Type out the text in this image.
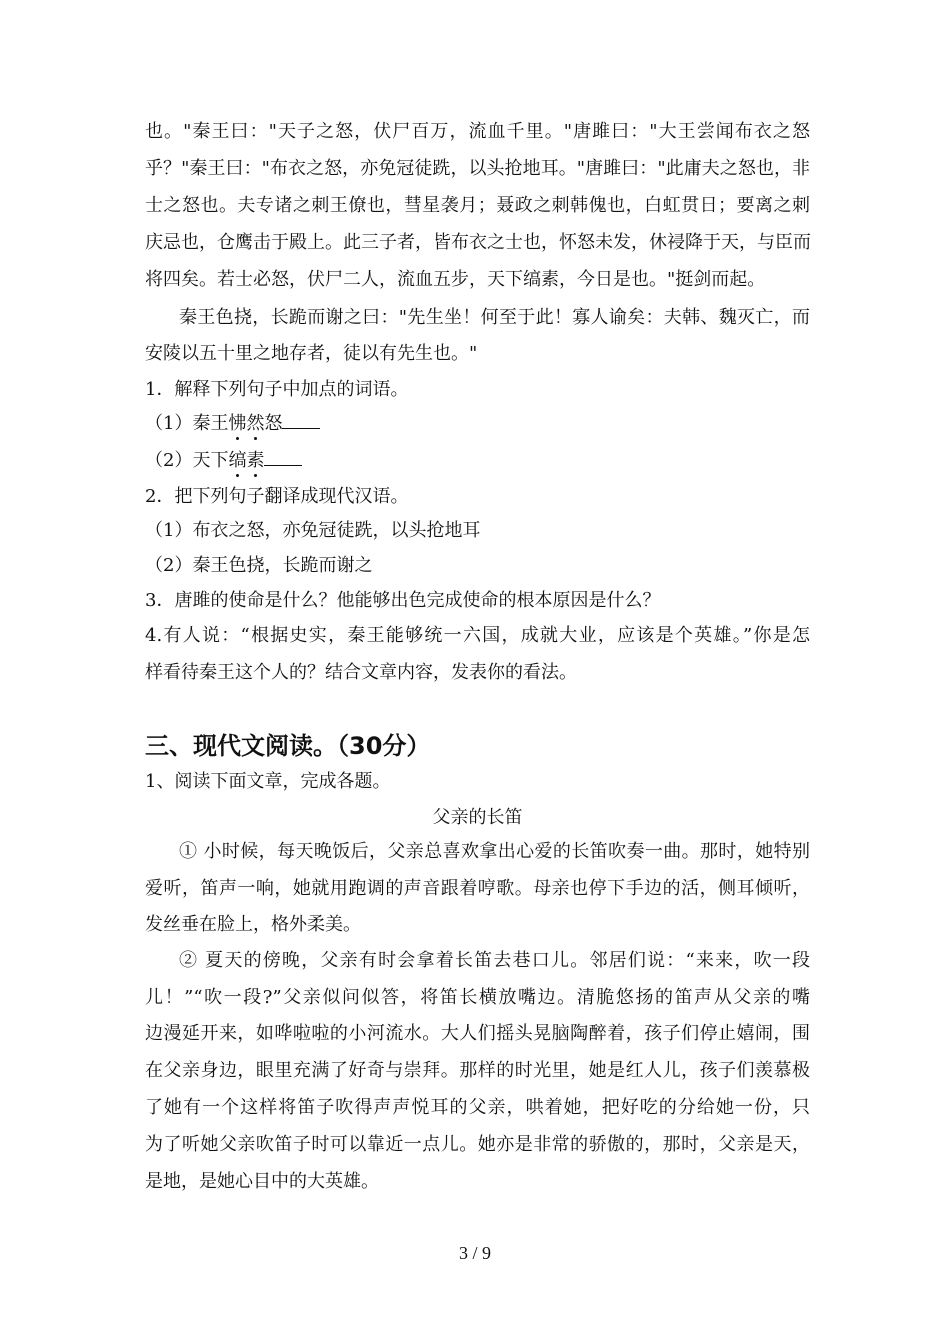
也。"秦王曰："天子之怒，伏尸百万，流血千里。"唐雎曰："大王尝闻布衣之怒
乎？"秦王曰："布衣之怒，亦免冠徒跣，以头抢地耳。"唐雎曰："此庸夫之怒也，非
士之怒也。夫专诸之刺王僚也，彗星袭月；聂政之刺韩傀也，白虹贯日；要离之刺
庆忌也，仓鹰击于殿上。此三子者，皆布衣之士也，怀怒未发，休祲降于天，与臣而
将四矣。若士必怒，伏尸二人，流血五步，天下缟素，今日是也。"挺剑而起。
秦王色挠，长跪而谢之曰："先生坐！何至于此！寡人谕矣：夫韩、魏灭亡，而
安陵以五十里之地存者，徒以有先生也。"
1．解释下列句子中加点的词语。
（1）秦王怫然怒
（2）天下缟素
2．把下列句子翻译成现代汉语。
（1）布衣之怒，亦免冠徒跣，以头抢地耳
（2）秦王色挠，长跪而谢之
3．唐雎的使命是什么？他能够出色完成使命的根本原因是什么？
4.有人说：“根据史实，秦王能够统一六国，成就大业，应该是个英雄。”你是怎
样看待秦王这个人的？结合文章内容，发表你的看法。
三、现代文阅读。（30分）
1、阅读下面文章，完成各题。
父亲的长笛
① 小时候，每天晚饭后，父亲总喜欢拿出心爱的长笛吹奏一曲。那时，她特别
爱听，笛声一响，她就用跑调的声音跟着哼歌。母亲也停下手边的活，侧耳倾听，
发丝垂在脸上，格外柔美。
② 夏天的傍晚，父亲有时会拿着长笛去巷口儿。邻居们说：“来来，吹一段
儿！”“吹一段?”父亲似问似答，将笛长横放嘴边。清脆悠扬的笛声从父亲的嘴
边漫延开来，如哗啦啦的小河流水。大人们摇头晃脑陶醉着，孩子们停止嬉闹，围
在父亲身边，眼里充满了好奇与崇拜。那样的时光里，她是红人儿，孩子们羡慕极
了她有一个这样将笛子吹得声声悦耳的父亲，哄着她，把好吃的分给她一份，只
为了听她父亲吹笛子时可以靠近一点儿。她亦是非常的骄傲的，那时，父亲是天，
是地，是她心目中的大英雄。
3 / 9
